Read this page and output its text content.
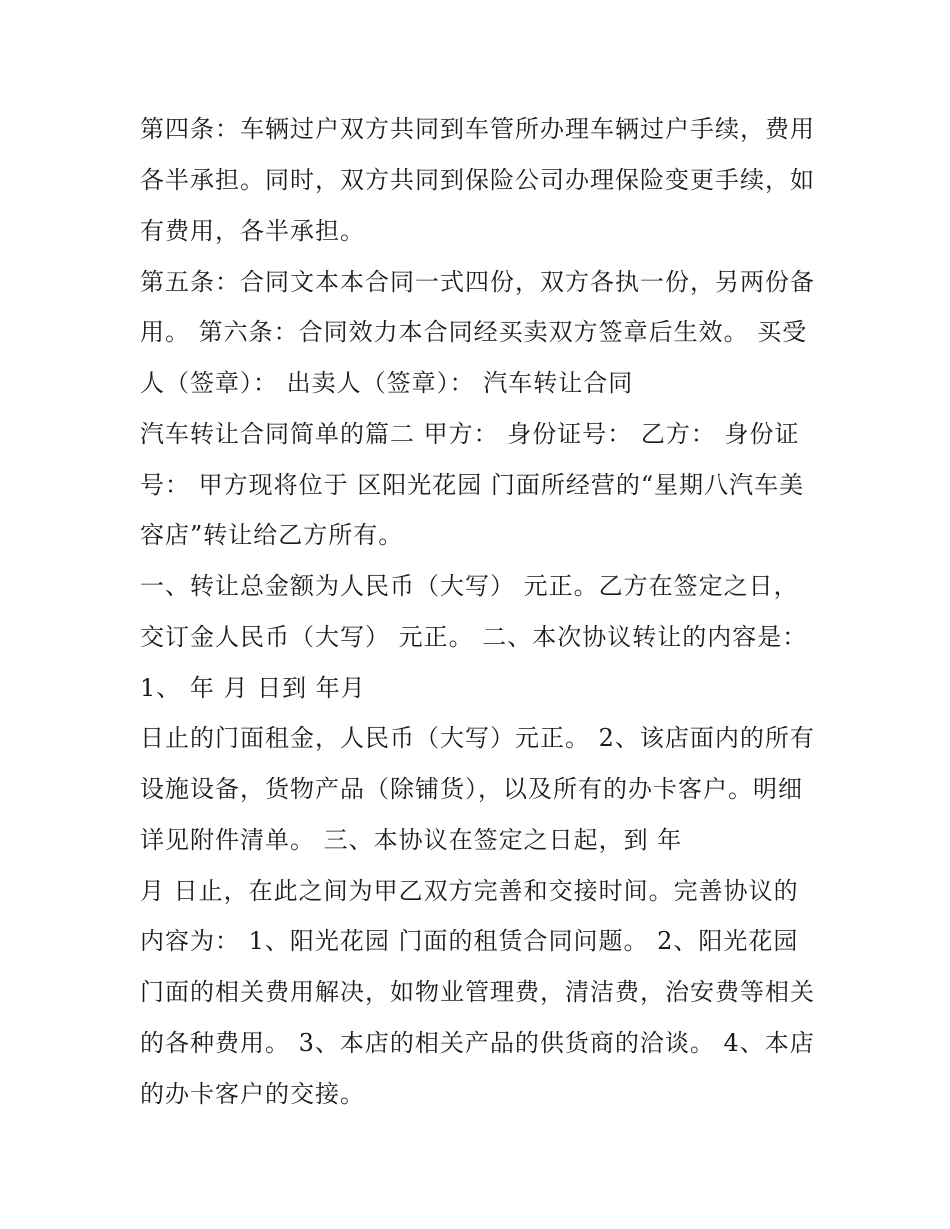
第四条：车辆过户双方共同到车管所办理车辆过户手续，费用

各半承担。同时，双方共同到保险公司办理保险变更手续，如

有费用，各半承担。

第五条：合同文本本合同一式四份，双方各执一份，另两份备

用。 第六条：合同效力本合同经买卖双方签章后生效。 买受

人（签章）： 出卖人（签章）： 汽车转让合同

汽车转让合同简单的篇二 甲方： 身份证号： 乙方： 身份证

号： 甲方现将位于 区阳光花园 门面所经营的“星期八汽车美

容店”转让给乙方所有。

一、转让总金额为人民币（大写） 元正。乙方在签定之日，

交订金人民币（大写） 元正。 二、本次协议转让的内容是：

1、 年 月 日到 年月

日止的门面租金，人民币（大写）元正。 2、该店面内的所有

设施设备，货物产品（除铺货），以及所有的办卡客户。明细

详见附件清单。 三、本协议在签定之日起，到 年

月 日止，在此之间为甲乙双方完善和交接时间。完善协议的

内容为： 1、阳光花园 门面的租赁合同问题。 2、阳光花园

门面的相关费用解决，如物业管理费，清洁费，治安费等相关

的各种费用。 3、本店的相关产品的供货商的洽谈。 4、本店

的办卡客户的交接。
